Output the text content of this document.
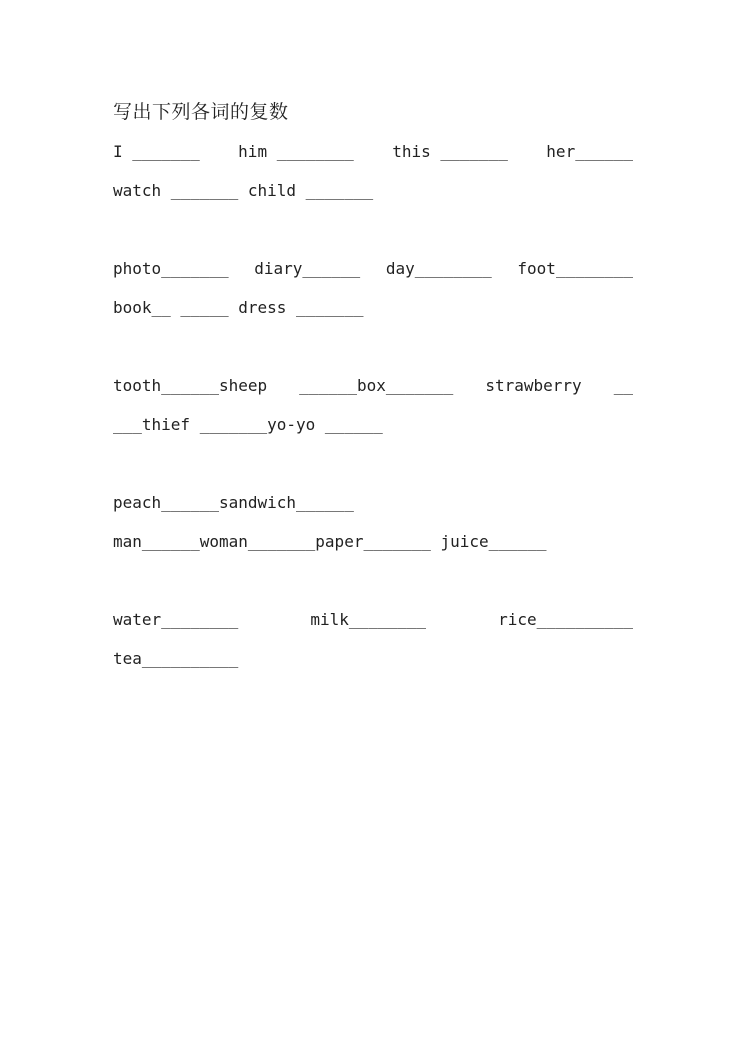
写出下列各词的复数
I _______ him ________ this _______ her______
watch _______ child _______
photo_______ diary______ day________ foot________
book__ _____ dress _______
tooth______sheep ______box_______ strawberry __
___thief _______yo-yo ______
peach______sandwich______
man______woman_______paper_______ juice______
water________	milk________	rice__________
tea__________
